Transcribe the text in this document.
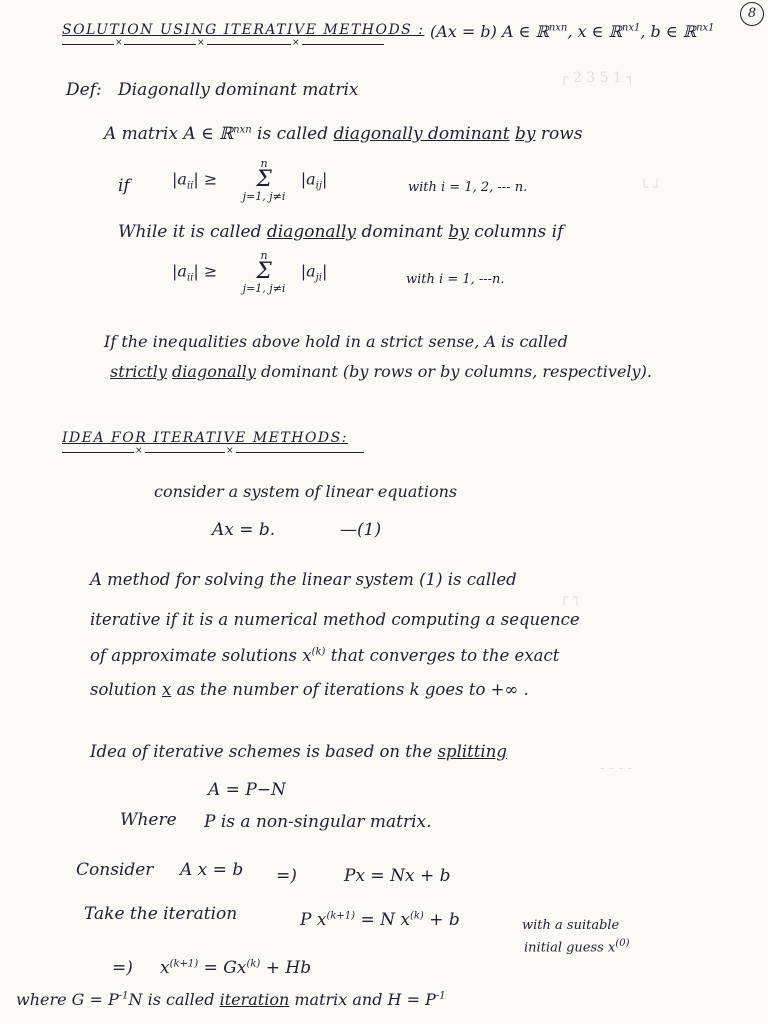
8
SOLUTION USING ITERATIVE METHODS : (Ax = b) A ∈ ℝ$^{nxn}$, x ∈ ℝ$^{nx1}$, b ∈ ℝ$^{nx1}$
×	×	×
┌ 2 3 5 1 ┐
└ ┘
┌ ┐
- - - -
Def: Diagonally dominant matrix
A matrix A ∈ ℝ$^{nxn}$ is called diagonally dominant by rows
if	$|a_{ii}|$ ≥
n
Σ
j=1, j≠i
$|a_{ij}|$	with i = 1, 2, --- n.
While it is called diagonally dominant by columns if
$|a_{ii}|$ ≥
n
Σ
j=1, j≠i
$|a_{ji}|$	with i = 1, ---n.
If the inequalities above hold in a strict sense, A is called
strictly diagonally dominant (by rows or by columns, respectively).
IDEA FOR ITERATIVE METHODS:
×	×
consider a system of linear equations
Ax = b.	—(1)
A method for solving the linear system (1) is called
iterative if it is a numerical method computing a sequence
of approximate solutions $x^{(k)}$ that converges to the exact
solution x as the number of iterations k goes to +∞ .
Idea of iterative schemes is based on the splitting
A = P−N
Where P is a non-singular matrix.
Consider A x = b =)	Px = Nx + b
Take the iteration	P $x^{(k+1)} = N$ $x^{(k)} + b$	with a suitable
initial guess $x^{(0)}$
=) $x^{(k+1)} = Gx^{(k)} + Hb$
where $G = P^{-1}N$ is called iteration matrix and $H = P^{-1}$
